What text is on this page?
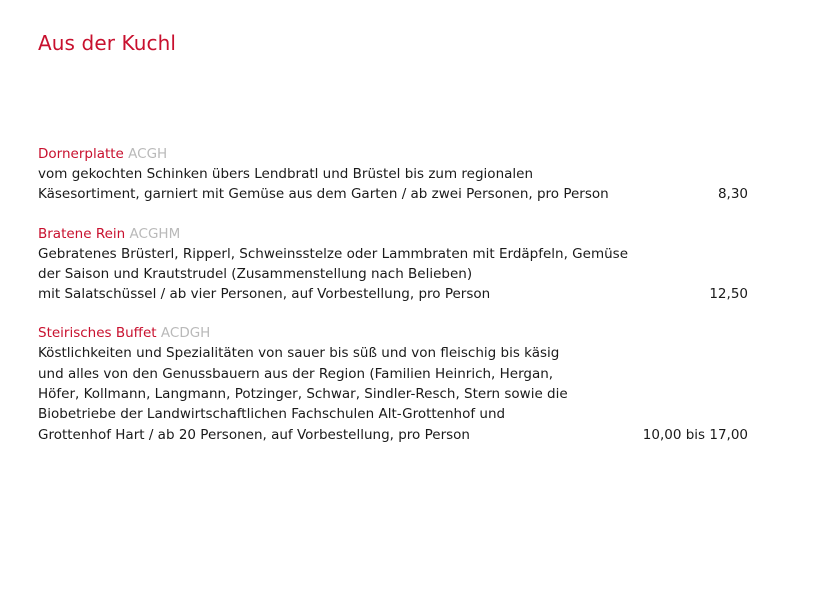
Aus der Kuchl
Dornerplatte ACGH
vom gekochten Schinken übers Lendbratl und Brüstel bis zum regionalen
Käsesortiment, garniert mit Gemüse aus dem Garten / ab zwei Personen, pro Person	8,30
Bratene Rein ACGHM
Gebratenes Brüsterl, Ripperl, Schweinsstelze oder Lammbraten mit Erdäpfeln, Gemüse
der Saison und Krautstrudel (Zusammenstellung nach Belieben)
mit Salatschüssel / ab vier Personen, auf Vorbestellung, pro Person	12,50
Steirisches Buffet ACDGH
Köstlichkeiten und Spezialitäten von sauer bis süß und von fleischig bis käsig
und alles von den Genussbauern aus der Region (Familien Heinrich, Hergan,
Höfer, Kollmann, Langmann, Potzinger, Schwar, Sindler-Resch, Stern sowie die
Biobetriebe der Landwirtschaftlichen Fachschulen Alt-Grottenhof und
Grottenhof Hart / ab 20 Personen, auf Vorbestellung, pro Person	10,00 bis 17,00
